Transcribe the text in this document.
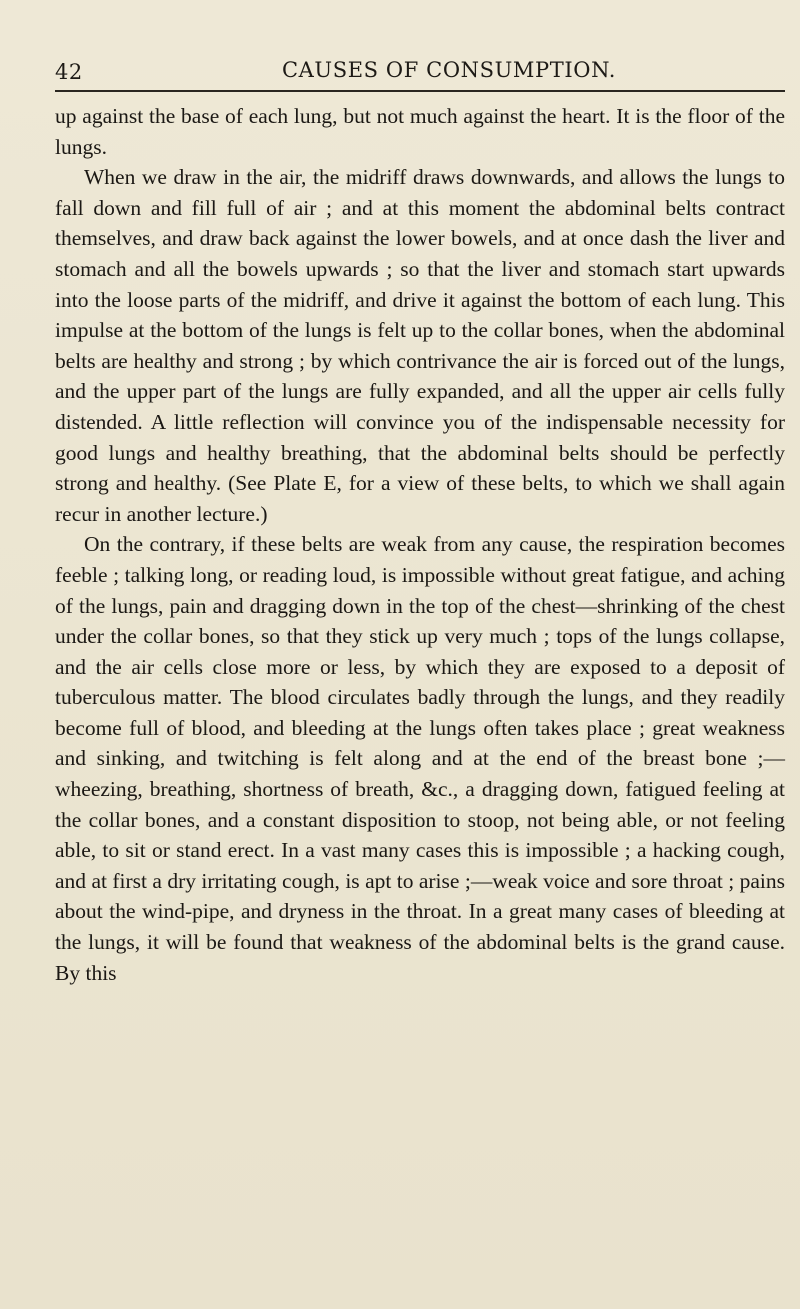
42	CAUSES OF CONSUMPTION.

up against the base of each lung, but not much against the heart. It is the floor of the lungs.

When we draw in the air, the midriff draws downwards, and allows the lungs to fall down and fill full of air ; and at this moment the abdominal belts contract themselves, and draw back against the lower bowels, and at once dash the liver and stomach and all the bowels upwards ; so that the liver and stomach start upwards into the loose parts of the midriff, and drive it against the bottom of each lung. This impulse at the bottom of the lungs is felt up to the collar bones, when the abdominal belts are healthy and strong ; by which contrivance the air is forced out of the lungs, and the upper part of the lungs are fully expanded, and all the upper air cells fully distended. A little reflection will convince you of the indispensable necessity for good lungs and healthy breathing, that the abdominal belts should be perfectly strong and healthy. (See Plate E, for a view of these belts, to which we shall again recur in another lecture.)

On the contrary, if these belts are weak from any cause, the respiration becomes feeble ; talking long, or reading loud, is impossible without great fatigue, and aching of the lungs, pain and dragging down in the top of the chest—shrinking of the chest under the collar bones, so that they stick up very much ; tops of the lungs collapse, and the air cells close more or less, by which they are exposed to a deposit of tuberculous matter. The blood circulates badly through the lungs, and they readily become full of blood, and bleeding at the lungs often takes place ; great weakness and sinking, and twitching is felt along and at the end of the breast bone ;—wheezing, breathing, shortness of breath, &c., a dragging down, fatigued feeling at the collar bones, and a constant disposition to stoop, not being able, or not feeling able, to sit or stand erect. In a vast many cases this is impossible ; a hacking cough, and at first a dry irritating cough, is apt to arise ;—weak voice and sore throat ; pains about the wind-pipe, and dryness in the throat. In a great many cases of bleeding at the lungs, it will be found that weakness of the abdominal belts is the grand cause. By this
